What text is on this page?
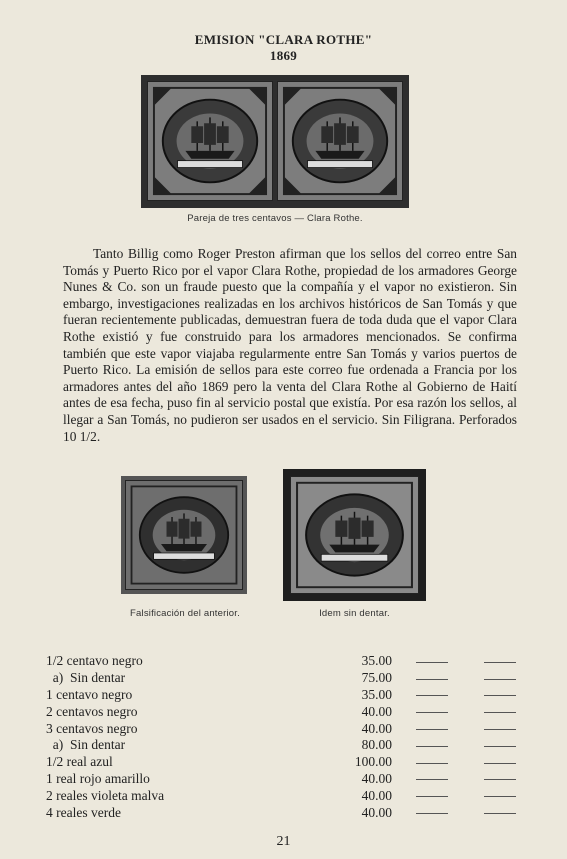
EMISION "CLARA ROTHE"
1869
Pareja de tres centavos — Clara Rothe.
Tanto Billig como Roger Preston afirman que los sellos del correo entre San Tomás y Puerto Rico por el vapor Clara Rothe, propiedad de los armadores George Nunes & Co. son un fraude puesto que la compañía y el vapor no existieron. Sin embargo, investigaciones realizadas en los archivos históricos de San Tomás y que fueran recientemente publicadas, demuestran fuera de toda duda que el vapor Clara Rothe existió y fue construido para los armadores mencionados. Se confirma también que este vapor viajaba regularmente entre San Tomás y varios puertos de Puerto Rico. La emisión de sellos para este correo fue ordenada a Francia por los armadores antes del año 1869 pero la venta del Clara Rothe al Gobierno de Haití antes de esa fecha, puso fin al servicio postal que existía. Por esa razón los sellos, al llegar a San Tomás, no pudieron ser usados en el servicio. Sin Filigrana. Perforados 10 1/2.
Falsificación del anterior.	Idem sin dentar.
1/2 centavo negro	35.00		
a)  Sin dentar	75.00		
1 centavo negro	35.00		
2 centavos negro	40.00		
3 centavos negro	40.00		
a)  Sin dentar	80.00		
1/2 real azul	100.00		
1 real rojo amarillo	40.00		
2 reales violeta malva	40.00		
4 reales verde	40.00		
21
